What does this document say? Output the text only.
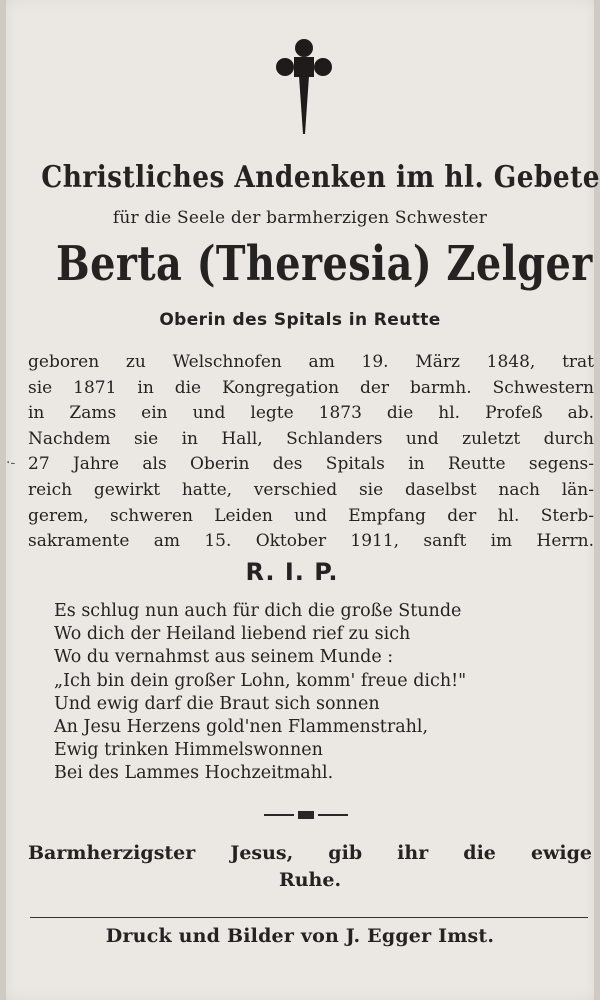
Christliches Andenken im hl. Gebete
für die Seele der barmherzigen Schwester
Berta (Theresia) Zelger
Oberin des Spitals in Reutte
·-
geboren zu Welschnofen am 19. März 1848, trat
sie 1871 in die Kongregation der barmh. Schwestern
in Zams ein und legte 1873 die hl. Profeß ab.
Nachdem sie in Hall, Schlanders und zuletzt durch
27 Jahre als Oberin des Spitals in Reutte segens-
reich gewirkt hatte, verschied sie daselbst nach län-
gerem, schweren Leiden und Empfang der hl. Sterb-
sakramente am 15. Oktober 1911, sanft im Herrn.
R. I. P.
Es schlug nun auch für dich die große Stunde
Wo dich der Heiland liebend rief zu sich
Wo du vernahmst aus seinem Munde :
„Ich bin dein großer Lohn, komm' freue dich!"
Und ewig darf die Braut sich sonnen
An Jesu Herzens gold'nen Flammenstrahl,
Ewig trinken Himmelswonnen
Bei des Lammes Hochzeitmahl.
Barmherzigster Jesus, gib ihr die ewige
Ruhe.
Druck und Bilder von J. Egger Imst.
